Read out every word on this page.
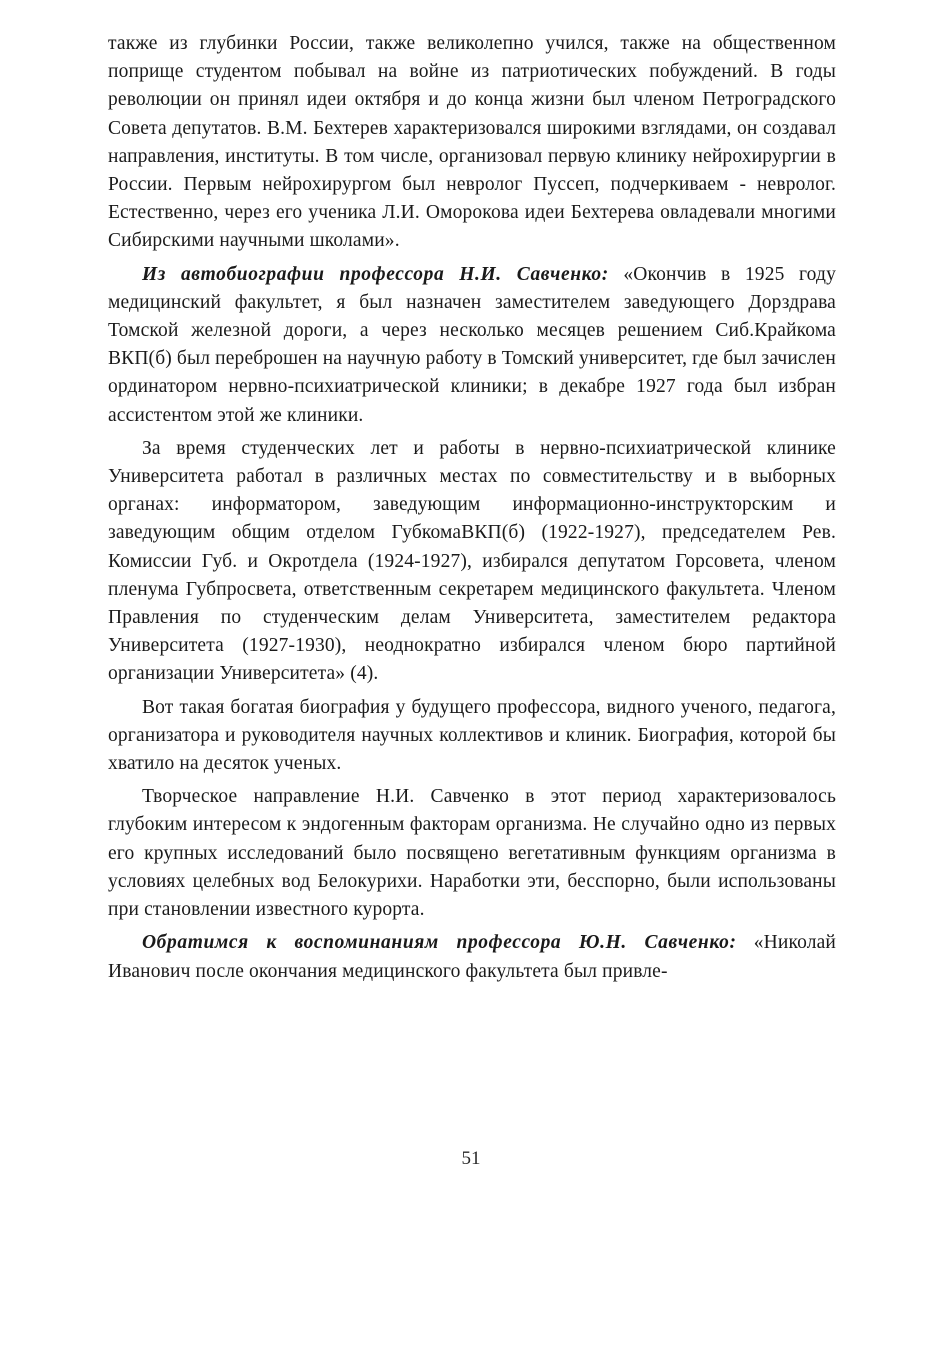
также из глубинки России, также великолепно учился, также на общественном поприще студентом побывал на войне из патриотических побуждений. В годы революции он принял идеи октября и до конца жизни был членом Петроградского Совета депутатов. В.М. Бехтерев характеризовался широкими взглядами, он создавал направления, институты. В том числе, организовал первую клинику нейрохирургии в России. Первым нейрохирургом был невролог Пуссеп, подчеркиваем - невролог. Естественно, через его ученика Л.И. Оморокова идеи Бехтерева овладевали многими Сибирскими научными школами».

Из автобиографии профессора Н.И. Савченко: «Окончив в 1925 году медицинский факультет, я был назначен заместителем заведующего Дорздрава Томской железной дороги, а через несколько месяцев решением Сиб.Крайкома ВКП(б) был переброшен на научную работу в Томский университет, где был зачислен ординатором нервно-психиатрической клиники; в декабре 1927 года был избран ассистентом этой же клиники.

За время студенческих лет и работы в нервно-психиатрической клинике Университета работал в различных местах по совместительству и в выборных органах: информатором, заведующим информационно-инструкторским и заведующим общим отделом ГубкомаВКП(б) (1922-1927), председателем Рев. Комиссии Губ. и Окротдела (1924-1927), избирался депутатом Горсовета, членом пленума Губпросвета, ответственным секретарем медицинского факультета. Членом Правления по студенческим делам Университета, заместителем редактора Университета (1927-1930), неоднократно избирался членом бюро партийной организации Университета» (4).

Вот такая богатая биография у будущего профессора, видного ученого, педагога, организатора и руководителя научных коллективов и клиник. Биография, которой бы хватило на десяток ученых.

Творческое направление Н.И. Савченко в этот период характеризовалось глубоким интересом к эндогенным факторам организма. Не случайно одно из первых его крупных исследований было посвящено вегетативным функциям организма в условиях целебных вод Белокурихи. Наработки эти, бесспорно, были использованы при становлении известного курорта.

Обратимся к воспоминаниям профессора Ю.Н. Савченко: «Николай Иванович после окончания медицинского факультета был привле-

51
